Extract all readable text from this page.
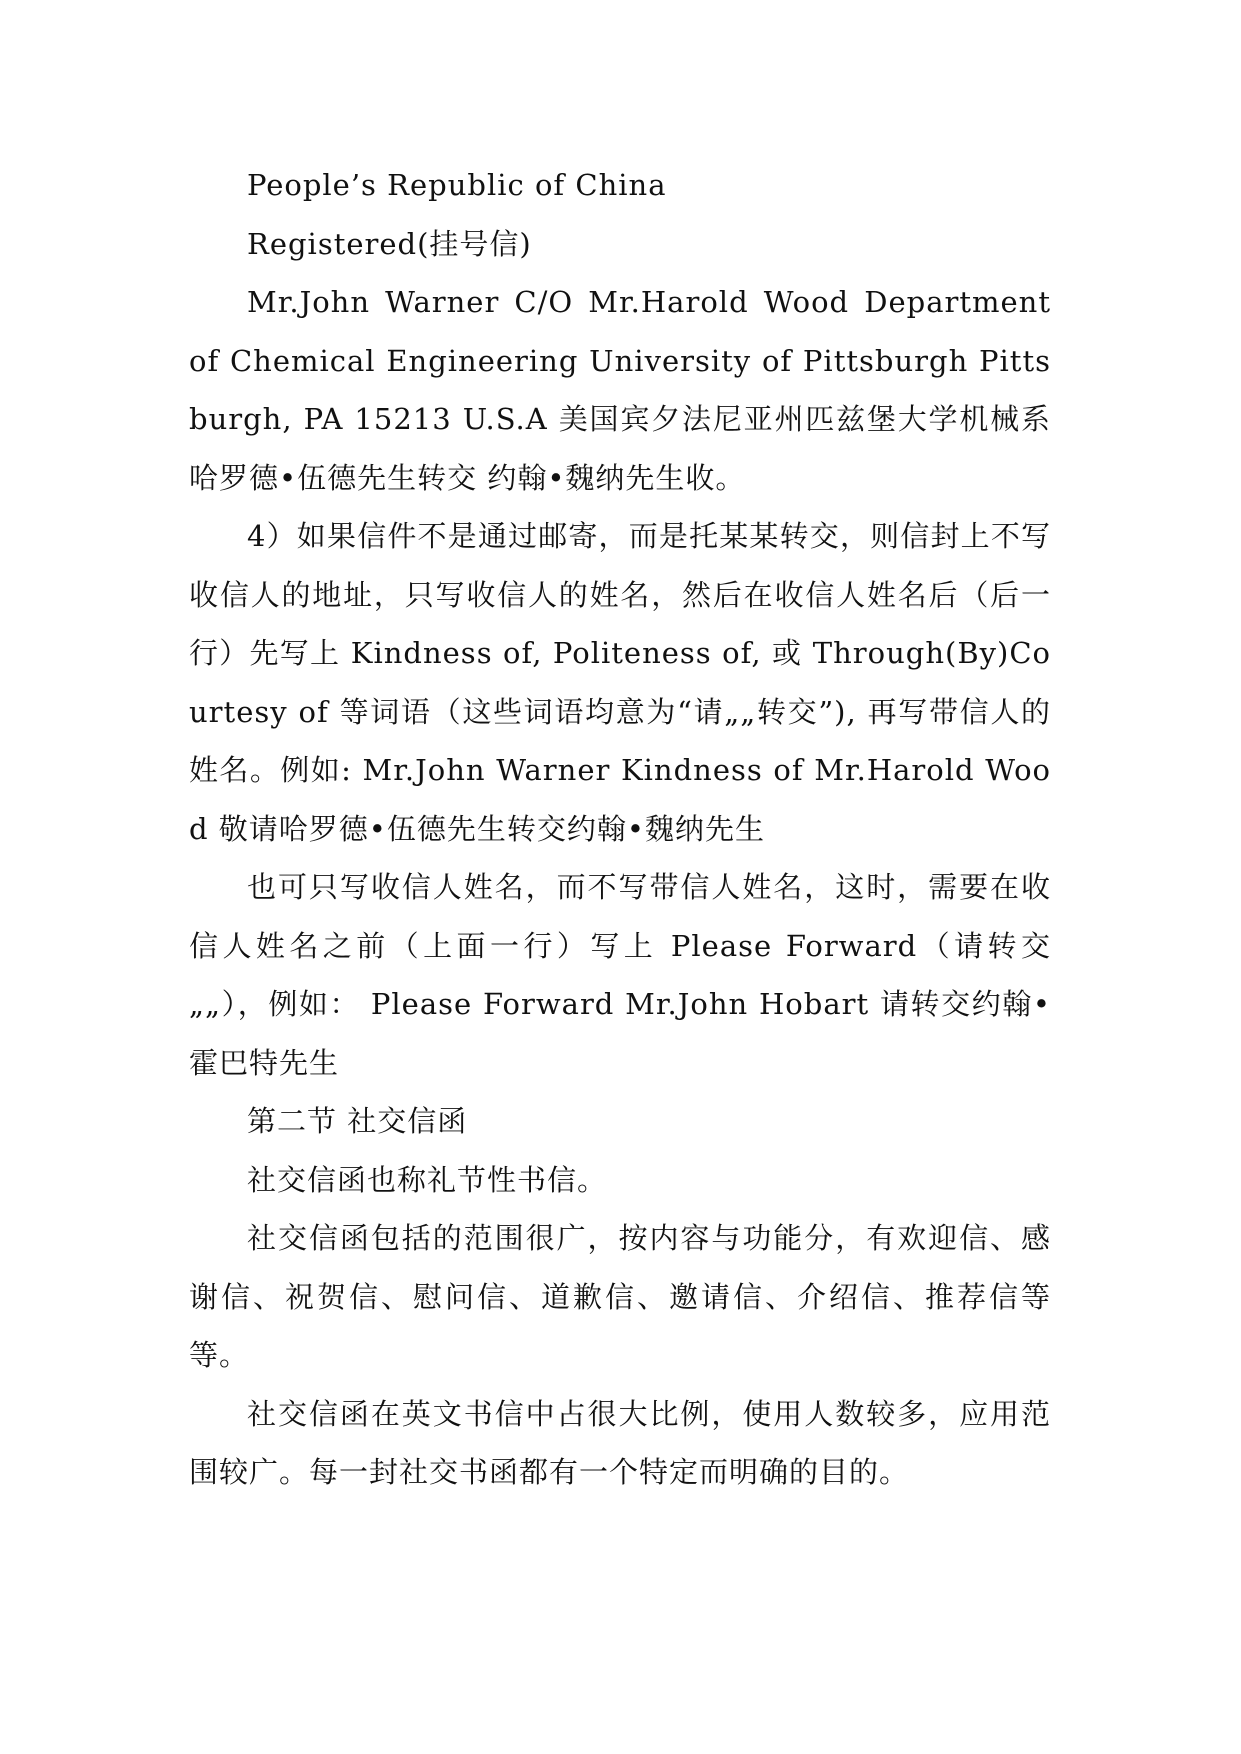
People’s Republic of China

Registered(挂号信)

Mr.John Warner C/O Mr.Harold Wood Department of Chemical Engineering University of Pittsburgh Pittsburgh, PA 15213 U.S.A 美国宾夕法尼亚州匹兹堡大学机械系 哈罗德•伍德先生转交 约翰•魏纳先生收。

4）如果信件不是通过邮寄，而是托某某转交，则信封上不写收信人的地址，只写收信人的姓名，然后在收信人姓名后（后一行）先写上 Kindness of, Politeness of, 或 Through(By)Courtesy of 等词语（这些词语均意为“请„„转交”), 再写带信人的姓名。例如: Mr.John Warner Kindness of Mr.Harold Wood 敬请哈罗德•伍德先生转交约翰•魏纳先生

也可只写收信人姓名，而不写带信人姓名，这时，需要在收信人姓名之前（上面一行）写上 Please Forward（请转交„„），例如： Please Forward Mr.John Hobart 请转交约翰•霍巴特先生

第二节 社交信函

社交信函也称礼节性书信。

社交信函包括的范围很广，按内容与功能分，有欢迎信、感谢信、祝贺信、慰问信、道歉信、邀请信、介绍信、推荐信等等。

社交信函在英文书信中占很大比例，使用人数较多，应用范围较广。每一封社交书函都有一个特定而明确的目的。
